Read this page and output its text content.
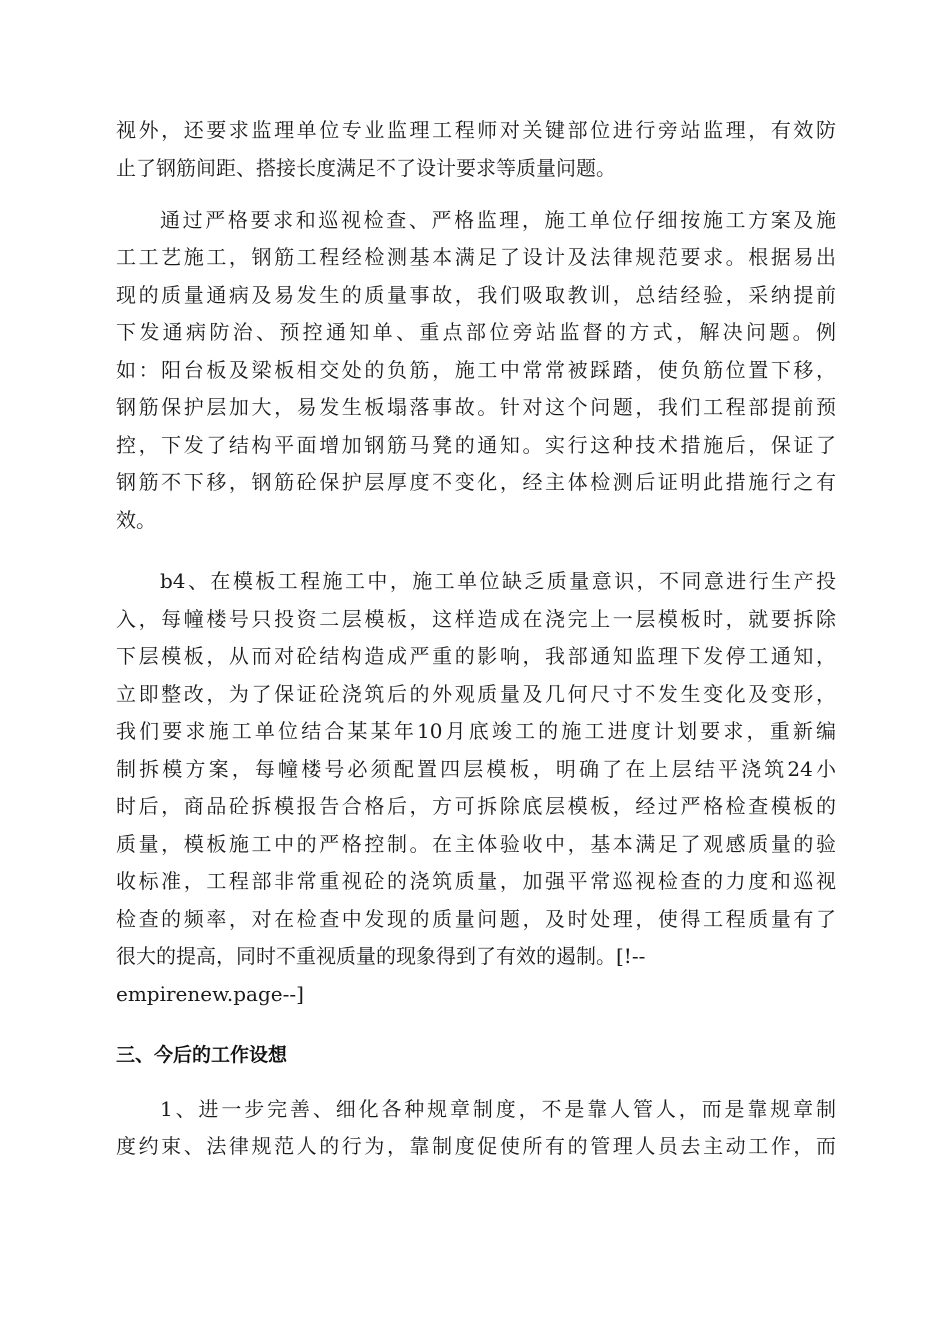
视外，还要求监理单位专业监理工程师对关键部位进行旁站监理，有效防
止了钢筋间距、搭接长度满足不了设计要求等质量问题。
通过严格要求和巡视检查、严格监理，施工单位仔细按施工方案及施
工工艺施工，钢筋工程经检测基本满足了设计及法律规范要求。根据易出
现的质量通病及易发生的质量事故，我们吸取教训，总结经验，采纳提前
下发通病防治、预控通知单、重点部位旁站监督的方式，解决问题。例
如：阳台板及梁板相交处的负筋，施工中常常被踩踏，使负筋位置下移，
钢筋保护层加大，易发生板塌落事故。针对这个问题，我们工程部提前预
控，下发了结构平面增加钢筋马凳的通知。实行这种技术措施后，保证了
钢筋不下移，钢筋砼保护层厚度不变化，经主体检测后证明此措施行之有
效。
b4、在模板工程施工中，施工单位缺乏质量意识，不同意进行生产投
入，每幢楼号只投资二层模板，这样造成在浇完上一层模板时，就要拆除
下层模板，从而对砼结构造成严重的影响，我部通知监理下发停工通知，
立即整改，为了保证砼浇筑后的外观质量及几何尺寸不发生变化及变形，
我们要求施工单位结合某某年10月底竣工的施工进度计划要求，重新编
制拆模方案，每幢楼号必须配置四层模板，明确了在上层结平浇筑24小
时后，商品砼拆模报告合格后，方可拆除底层模板，经过严格检查模板的
质量，模板施工中的严格控制。在主体验收中，基本满足了观感质量的验
收标准，工程部非常重视砼的浇筑质量，加强平常巡视检查的力度和巡视
检查的频率，对在检查中发现的质量问题，及时处理，使得工程质量有了
很大的提高，同时不重视质量的现象得到了有效的遏制。[!--
empirenew.page--]
三、今后的工作设想
1、进一步完善、细化各种规章制度，不是靠人管人，而是靠规章制
度约束、法律规范人的行为，靠制度促使所有的管理人员去主动工作，而
